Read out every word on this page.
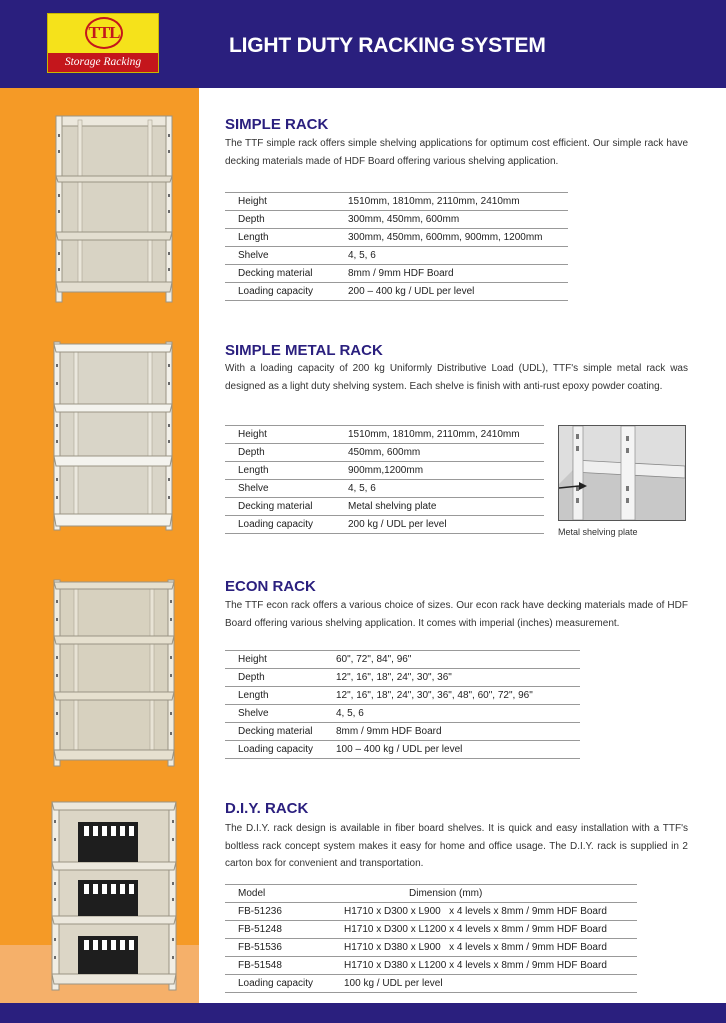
TTL
Storage Racking
LIGHT DUTY RACKING SYSTEM
SIMPLE RACK
The TTF simple rack offers simple shelving applications for optimum cost efficient. Our simple rack have decking materials made of HDF Board offering various shelving application.
Height	1510mm, 1810mm, 2110mm, 2410mm
Depth	300mm, 450mm, 600mm
Length	300mm, 450mm, 600mm, 900mm, 1200mm
Shelve	4, 5, 6
Decking material	8mm / 9mm HDF Board
Loading capacity	200 – 400 kg / UDL per level
SIMPLE METAL RACK
With a loading capacity of 200 kg Uniformly Distributive Load (UDL), TTF's simple metal rack was designed as a light duty shelving system. Each shelve is finish with anti-rust epoxy powder coating.
Height	1510mm, 1810mm, 2110mm, 2410mm
Depth	450mm, 600mm
Length	900mm,1200mm
Shelve	4, 5, 6
Decking material	Metal shelving plate
Loading capacity	200 kg / UDL per level
Metal shelving plate
ECON RACK
The TTF econ rack offers a various choice of sizes. Our econ rack have decking materials made of HDF Board offering various shelving application. It comes with imperial (inches) measurement.
Height	60", 72", 84", 96"
Depth	12", 16", 18", 24", 30", 36"
Length	12", 16", 18", 24", 30", 36", 48", 60", 72", 96"
Shelve	4, 5, 6
Decking material	8mm / 9mm HDF Board
Loading capacity	100 – 400 kg / UDL per level
D.I.Y. RACK
The D.I.Y. rack design is available in fiber board shelves. It is quick and easy installation with a TTF's boltless rack concept system makes it easy for home and office usage. The D.I.Y. rack is supplied in 2 carton box for convenient and transportation.
Model	Dimension (mm)
FB-51236	H1710 x D300 x L900   x 4 levels x 8mm / 9mm HDF Board
FB-51248	H1710 x D300 x L1200 x 4 levels x 8mm / 9mm HDF Board
FB-51536	H1710 x D380 x L900   x 4 levels x 8mm / 9mm HDF Board
FB-51548	H1710 x D380 x L1200 x 4 levels x 8mm / 9mm HDF Board
Loading capacity	100 kg / UDL per level
